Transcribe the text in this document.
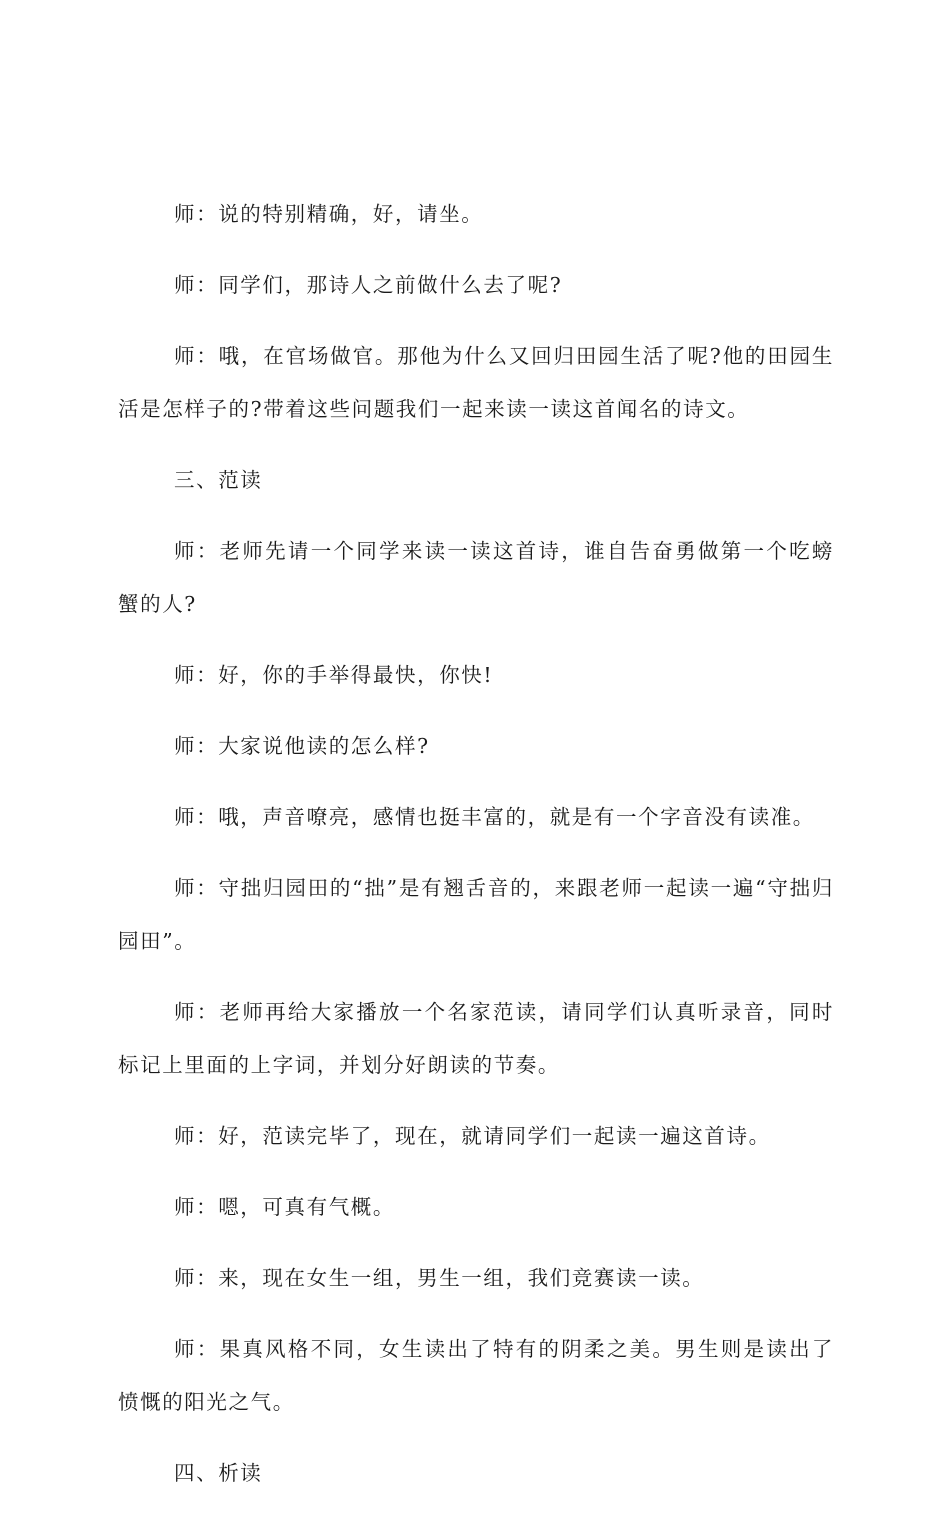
师：说的特别精确，好，请坐。

师：同学们，那诗人之前做什么去了呢?

师：哦，在官场做官。那他为什么又回归田园生活了呢?他的田园生活是怎样子的?带着这些问题我们一起来读一读这首闻名的诗文。

三、范读

师：老师先请一个同学来读一读这首诗，谁自告奋勇做第一个吃螃蟹的人?

师：好，你的手举得最快，你快!

师：大家说他读的怎么样?

师：哦，声音嘹亮，感情也挺丰富的，就是有一个字音没有读准。

师：守拙归园田的“拙”是有翘舌音的，来跟老师一起读一遍“守拙归园田”。

师：老师再给大家播放一个名家范读，请同学们认真听录音，同时标记上里面的上字词，并划分好朗读的节奏。

师：好，范读完毕了，现在，就请同学们一起读一遍这首诗。

师：嗯，可真有气概。

师：来，现在女生一组，男生一组，我们竞赛读一读。

师：果真风格不同，女生读出了特有的阴柔之美。男生则是读出了愤慨的阳光之气。

四、析读
